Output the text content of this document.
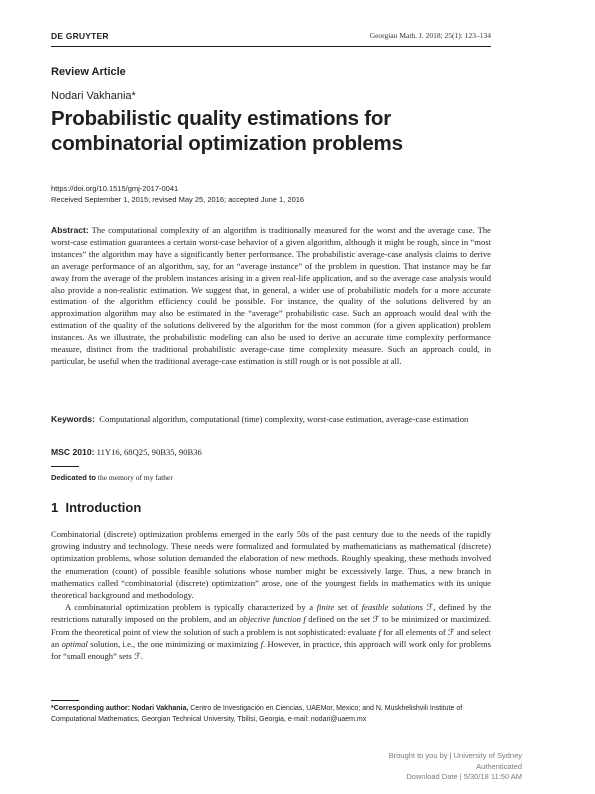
DE GRUYTER	Georgian Math. J. 2018; 25(1): 123–134
Review Article
Nodari Vakhania*
Probabilistic quality estimations for combinatorial optimization problems
https://doi.org/10.1515/gmj-2017-0041
Received September 1, 2015; revised May 25, 2016; accepted June 1, 2016
Abstract: The computational complexity of an algorithm is traditionally measured for the worst and the average case. The worst-case estimation guarantees a certain worst-case behavior of a given algorithm, although it might be rough, since in “most instances” the algorithm may have a significantly better performance. The probabilistic average-case analysis claims to derive an average performance of an algorithm, say, for an “average instance” of the problem in question. That instance may be far away from the average of the problem instances arising in a given real-life application, and so the average case analysis would also provide a non-realistic estimation. We suggest that, in general, a wider use of probabilistic models for a more accurate estimation of the algorithm efficiency could be possible. For instance, the quality of the solutions delivered by an approximation algorithm may also be estimated in the “average” probabilistic case. Such an approach would deal with the estimation of the quality of the solutions delivered by the algorithm for the most common (for a given application) problem instances. As we illustrate, the probabilistic modeling can also be used to derive an accurate time complexity performance measure, distinct from the traditional probabilistic average-case time complexity measure. Such an approach could, in particular, be useful when the traditional average-case estimation is still rough or is not possible at all.
Keywords: Computational algorithm, computational (time) complexity, worst-case estimation, average-case estimation
MSC 2010: 11Y16, 68Q25, 90B35, 90B36
Dedicated to the memory of my father
1 Introduction

Combinatorial (discrete) optimization problems emerged in the early 50s of the past century due to the needs of the rapidly growing industry and technology. These needs were formalized and formulated by mathematicians as mathematical (discrete) optimization problems, whose solution demanded the elaboration of new methods. Roughly speaking, these methods involved the enumeration (count) of possible feasible solutions whose number might be excessively large. Thus, a new branch in mathematics called “combinatorial (discrete) optimization” arose, one of the youngest fields in mathematics with its unique theoretical background and methodology.

A combinatorial optimization problem is typically characterized by a finite set of feasible solutions ℱ, defined by the restrictions naturally imposed on the problem, and an objective function f defined on the set ℱ to be minimized or maximized. From the theoretical point of view the solution of such a problem is not sophisticated: evaluate f for all elements of ℱ and select an optimal solution, i.e., the one minimizing or maximizing f. However, in practice, this approach will work only for problems for “small enough” sets ℱ.

*Corresponding author: Nodari Vakhania, Centro de Investigación en Ciencias, UAEMor, Mexico; and N. Muskhelishvili Institute of Computational Mathematics, Georgian Technical University, Tbilisi, Georgia, e-mail: nodari@uaem.mx
Brought to you by | University of Sydney
Authenticated
Download Date | 5/30/18 11:50 AM
